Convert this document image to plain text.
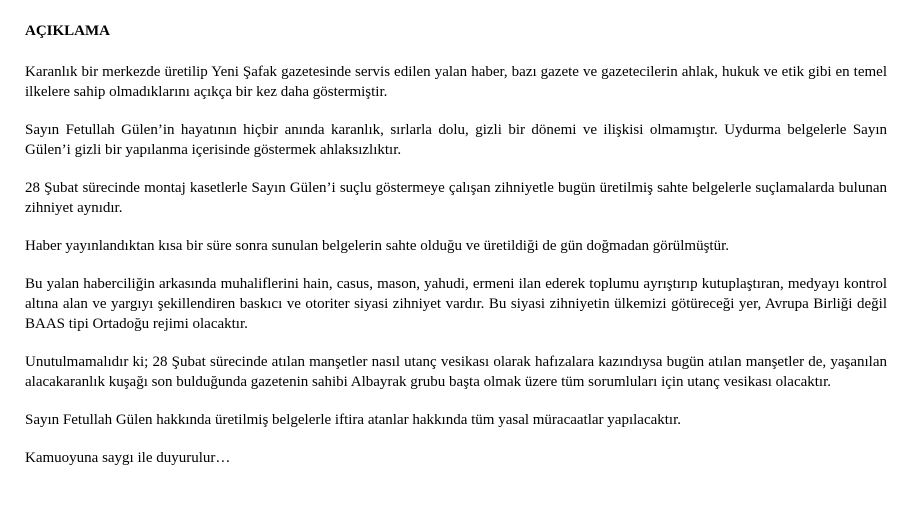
AÇIKLAMA

Karanlık bir merkezde üretilip Yeni Şafak gazetesinde servis edilen yalan haber, bazı gazete ve gazetecilerin ahlak, hukuk ve etik gibi en temel ilkelere sahip olmadıklarını açıkça bir kez daha göstermiştir.

Sayın Fetullah Gülen’in hayatının hiçbir anında karanlık, sırlarla dolu, gizli bir dönemi ve ilişkisi olmamıştır. Uydurma belgelerle Sayın Gülen’i gizli bir yapılanma içerisinde göstermek ahlaksızlıktır.

28 Şubat sürecinde montaj kasetlerle Sayın Gülen’i suçlu göstermeye çalışan zihniyetle bugün üretilmiş sahte belgelerle suçlamalarda bulunan zihniyet aynıdır.

Haber yayınlandıktan kısa bir süre sonra sunulan belgelerin sahte olduğu ve üretildiği de gün doğmadan görülmüştür.

Bu yalan haberciliğin arkasında muhaliflerini hain, casus, mason, yahudi, ermeni ilan ederek toplumu ayrıştırıp kutuplaştıran, medyayı kontrol altına alan ve yargıyı şekillendiren baskıcı ve otoriter siyasi zihniyet vardır. Bu siyasi zihniyetin ülkemizi götüreceği yer, Avrupa Birliği değil BAAS tipi Ortadoğu rejimi olacaktır.

Unutulmamalıdır ki; 28 Şubat sürecinde atılan manşetler nasıl utanç vesikası olarak hafızalara kazındıysa bugün atılan manşetler de, yaşanılan alacakaranlık kuşağı son bulduğunda gazetenin sahibi Albayrak grubu başta olmak üzere tüm sorumluları için utanç vesikası olacaktır.

Sayın Fetullah Gülen hakkında üretilmiş belgelerle iftira atanlar hakkında tüm yasal müracaatlar yapılacaktır.

Kamuoyuna saygı ile duyurulur…
